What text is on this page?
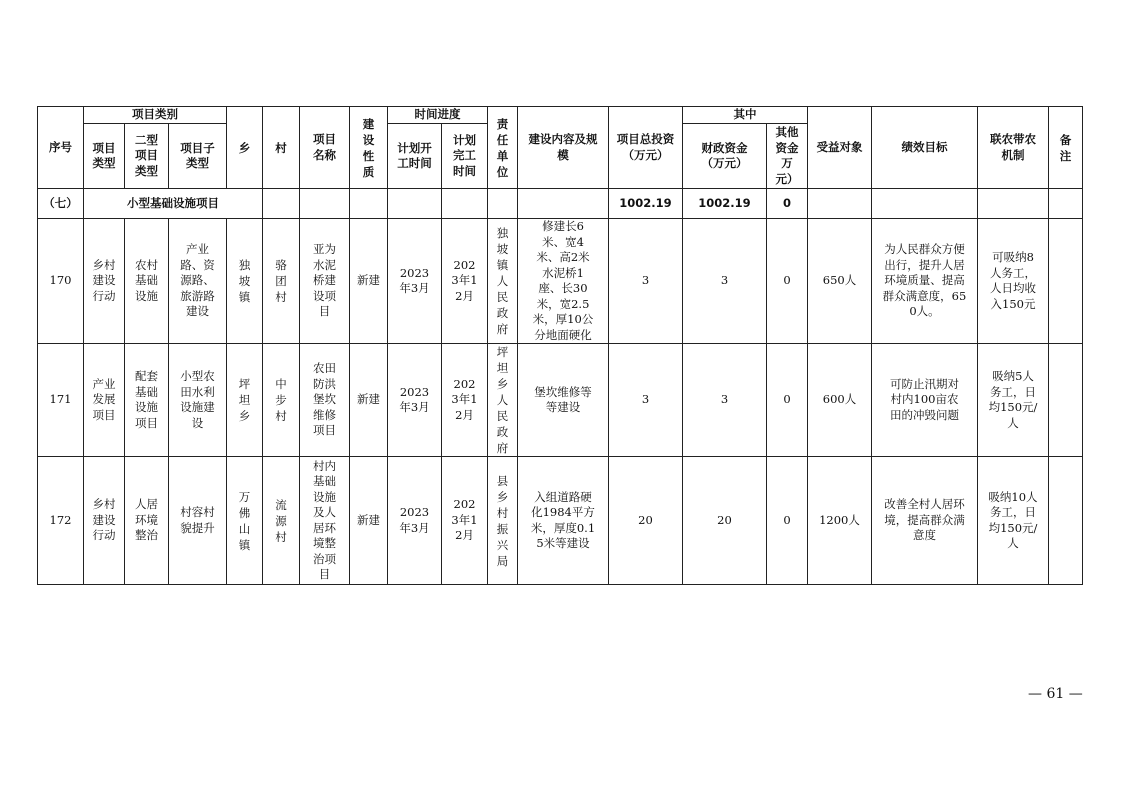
序号	项目类别			乡	村	项目名称	建设性质	时间进度		责任单位	建设内容及规模	项目总投资（万元）	其中		受益对象	绩效目标	联农带农机制	备注

	项目类型	二型项目类型	项目子类型					计划开工时间	计划完工时间				财政资金（万元）	其他资金万元）				

（七）	小型基础设施项目											1002.19	1002.19	0				
170	乡村建设行动	农村基础设施	产业路、资源路、旅游路建设	独坡镇	骆团村	亚为水泥桥建设项目	新建	2023年3月	2023年12月	独坡镇人民政府	修建长6米、宽4米、高2米水泥桥1座、长30米，宽2.5米，厚10公分地面硬化	3	3	0	650人	为人民群众方便出行，提升人居环境质量、提高群众满意度，650人。	可吸纳8人务工，人日均收入150元	

171	产业发展项目	配套基础设施项目	小型农田水利设施建设	坪坦乡	中步村	农田防洪堡坎维修项目	新建	2023年3月	2023年12月	坪坦乡人民政府	堡坎维修等等建设	3	3	0	600人	可防止汛期对村内100亩农田的冲毁问题	吸纳5人务工，日均150元/人	

172	乡村建设行动	人居环境整治	村容村貌提升	万佛山镇	流源村	村内基础设施及人居环境整治项目	新建	2023年3月	2023年12月	县乡村振兴局	入组道路硬化1984平方米，厚度0.15米等建设	20	20	0	1200人	改善全村人居环境，提高群众满意度	吸纳10人务工，日均150元/人	

— 61 —
